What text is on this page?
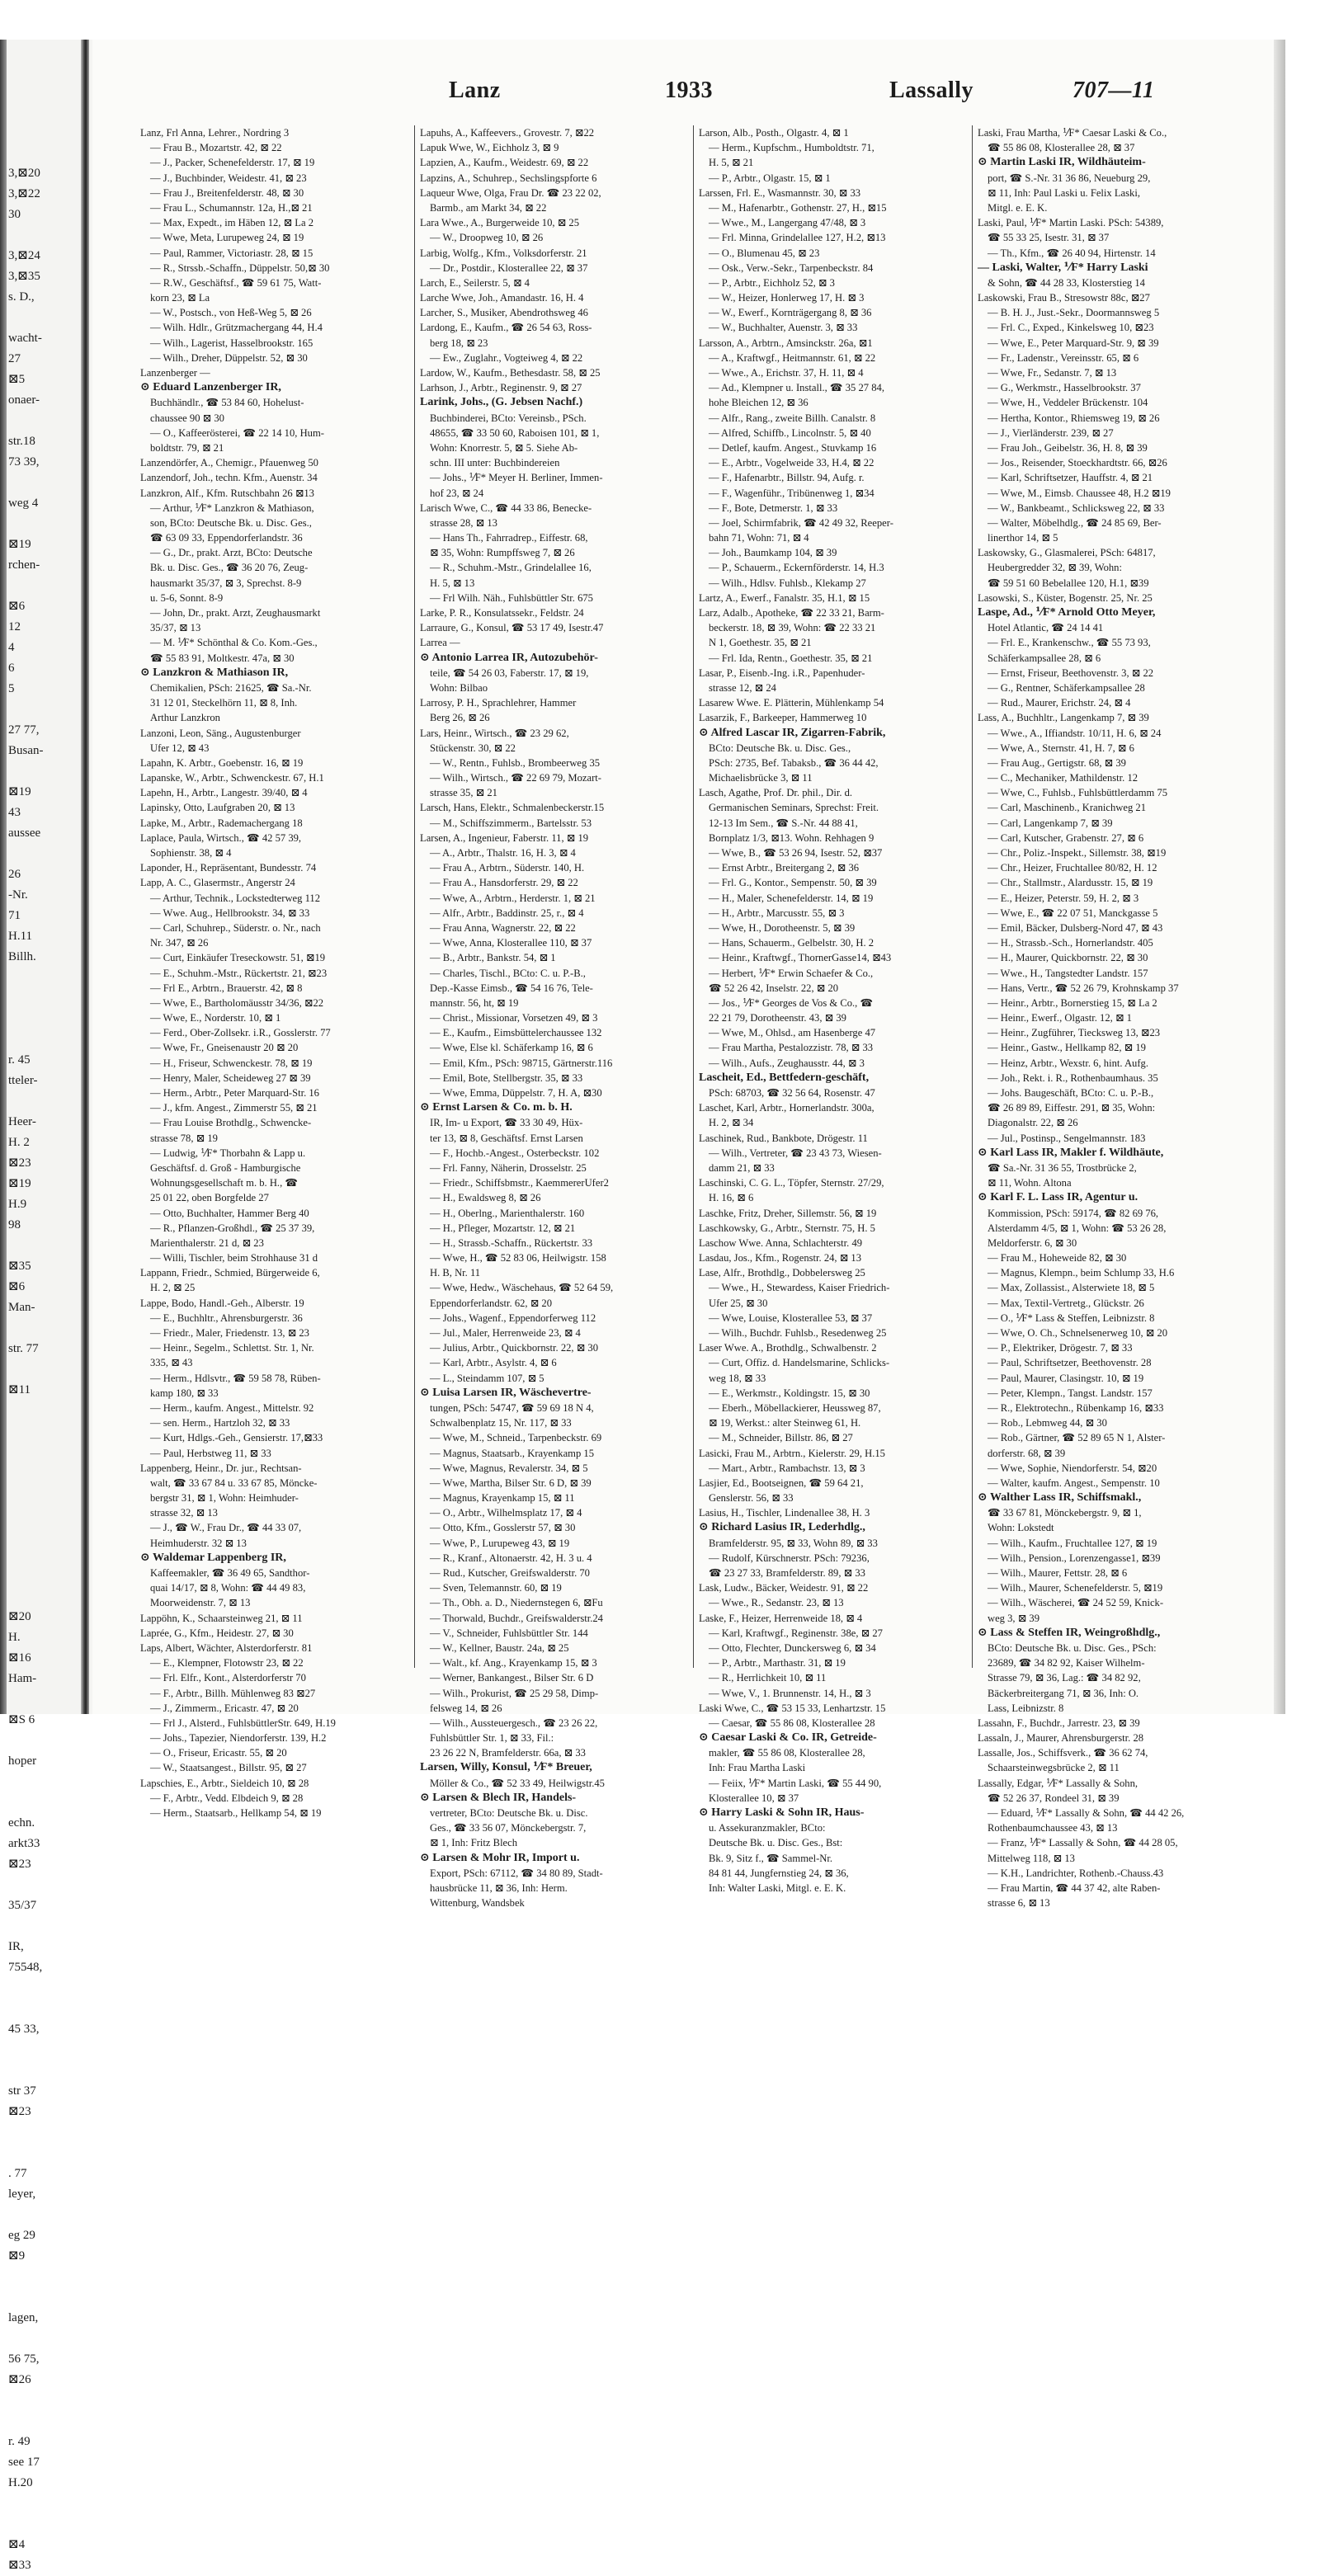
3,⊠20
3,⊠22
30
3,⊠24
3,⊠35
s. D.,
wacht-
27
⊠5
onaer-
str.18
73 39,
weg 4
⊠19
rchen-
⊠6
12
4
6
5
27 77,
Busan-
⊠19
43
aussee
26
-Nr.
71
H.11
Billh.
r. 45
tteler-
Heer-
H. 2
⊠23
⊠19
H.9
98
⊠35
⊠6
Man-
str. 77
⊠11
⊠20
H.
⊠16
Ham-
⊠S 6
hoper
echn.
arkt33
⊠23
35/37
IR,
75548,
45 33,
str 37
⊠23
. 77
leyer,
eg 29
⊠9
lagen,
56 75,
⊠26
r. 49
see 17
H.20
⊠4
⊠33
Lanz	1933	Lassally	707—11
Lanz, Frl Anna, Lehrer., Nordring 3
— Frau B., Mozartstr. 42, ⊠ 22
— J., Packer, Schenefelderstr. 17, ⊠ 19
— J., Buchbinder, Weidestr. 41, ⊠ 23
— Frau J., Breitenfelderstr. 48, ⊠ 30
— Frau L., Schumannstr. 12a, H.,⊠ 21
— Max, Expedt., im Häben 12, ⊠ La 2
— Wwe, Meta, Lurupeweg 24, ⊠ 19
— Paul, Rammer, Victoriastr. 28, ⊠ 15
— R., Strssb.-Schaffn., Düppelstr. 50,⊠ 30
— R.W., Geschäftsf., ☎ 59 61 75, Watt-
korn 23, ⊠ La
— W., Postsch., von Heß-Weg 5, ⊠ 26
— Wilh. Hdlr., Grützmachergang 44, H.4
— Wilh., Lagerist, Hasselbrookstr. 165
— Wilh., Dreher, Düppelstr. 52, ⊠ 30
Lanzenberger —
⊙ Eduard Lanzenberger IR,
Buchhändlr., ☎ 53 84 60, Hohelust-
chaussee 90 ⊠ 30
— O., Kaffeerösterei, ☎ 22 14 10, Hum-
boldtstr. 79, ⊠ 21
Lanzendörfer, A., Chemigr., Pfauenweg 50
Lanzendorf, Joh., techn. Kfm., Auenstr. 34
Lanzkron, Alf., Kfm. Rutschbahn 26 ⊠13
— Arthur, ⅟F* Lanzkron & Mathiason,
son, BCto: Deutsche Bk. u. Disc. Ges.,
☎ 63 09 33, Eppendorferlandstr. 36
— G., Dr., prakt. Arzt, BCto: Deutsche
Bk. u. Disc. Ges., ☎ 36 20 76, Zeug-
hausmarkt 35/37, ⊠ 3, Sprechst. 8-9
u. 5-6, Sonnt. 8-9
— John, Dr., prakt. Arzt, Zeughausmarkt
35/37, ⊠ 13
— M. ⅟F* Schönthal & Co. Kom.-Ges.,
☎ 55 83 91, Moltkestr. 47a, ⊠ 30
⊙ Lanzkron & Mathiason IR,
Chemikalien, PSch: 21625, ☎ Sa.-Nr.
31 12 01, Steckelhörn 11, ⊠ 8, Inh.
Arthur Lanzkron
Lanzoni, Leon, Säng., Augustenburger
Ufer 12, ⊠ 43
Lapahn, K. Arbtr., Goebenstr. 16, ⊠ 19
Lapanske, W., Arbtr., Schwenckestr. 67, H.1
Lapehn, H., Arbtr., Langestr. 39/40, ⊠ 4
Lapinsky, Otto, Laufgraben 20, ⊠ 13
Lapke, M., Arbtr., Rademachergang 18
Laplace, Paula, Wirtsch., ☎ 42 57 39,
Sophienstr. 38, ⊠ 4
Laponder, H., Repräsentant, Bundesstr. 74
Lapp, A. C., Glasermstr., Angerstr 24
— Arthur, Technik., Lockstedterweg 112
— Wwe. Aug., Hellbrookstr. 34, ⊠ 33
— Carl, Schuhrep., Süderstr. o. Nr., nach
Nr. 347, ⊠ 26
— Curt, Einkäufer Treseckowstr. 51, ⊠19
— E., Schuhm.-Mstr., Rückertstr. 21, ⊠23
— Frl E., Arbtrn., Brauerstr. 42, ⊠ 8
— Wwe, E., Bartholomäusstr 34/36, ⊠22
— Wwe, E., Norderstr. 10, ⊠ 1
— Ferd., Ober-Zollsekr. i.R., Gosslerstr. 77
— Wwe, Fr., Gneisenaustr 20 ⊠ 20
— H., Friseur, Schwenckestr. 78, ⊠ 19
— Henry, Maler, Scheideweg 27 ⊠ 39
— Herm., Arbtr., Peter Marquard-Str. 16
— J., kfm. Angest., Zimmerstr 55, ⊠ 21
— Frau Louise Brothdlg., Schwencke-
strasse 78, ⊠ 19
— Ludwig, ⅟F* Thorbahn & Lapp u.
Geschäftsf. d. Groß - Hamburgische
Wohnungsgesellschaft m. b. H., ☎
25 01 22, oben Borgfelde 27
— Otto, Buchhalter, Hammer Berg 40
— R., Pflanzen-Großhdl., ☎ 25 37 39,
Marienthalerstr. 21 d, ⊠ 23
— Willi, Tischler, beim Strohhause 31 d
Lappann, Friedr., Schmied, Bürgerweide 6,
H. 2, ⊠ 25
Lappe, Bodo, Handl.-Geh., Alberstr. 19
— E., Buchhltr., Ahrensburgerstr. 36
— Friedr., Maler, Friedenstr. 13, ⊠ 23
— Heinr., Segelm., Schlettst. Str. 1, Nr.
335, ⊠ 43
— Herm., Hdlsvtr., ☎ 59 58 78, Rüben-
kamp 180, ⊠ 33
— Herm., kaufm. Angest., Mittelstr. 92
— sen. Herm., Hartzloh 32, ⊠ 33
— Kurt, Hdlgs.-Geh., Gensierstr. 17,⊠33
— Paul, Herbstweg 11, ⊠ 33
Lappenberg, Heinr., Dr. jur., Rechtsan-
walt, ☎ 33 67 84 u. 33 67 85, Möncke-
bergstr 31, ⊠ 1, Wohn: Heimhuder-
strasse 32, ⊠ 13
— J., ☎ W., Frau Dr., ☎ 44 33 07,
Heimhuderstr. 32 ⊠ 13
⊙ Waldemar Lappenberg IR,
Kaffeemakler, ☎ 36 49 65, Sandthor-
quai 14/17, ⊠ 8, Wohn: ☎ 44 49 83,
Moorweidenstr. 7, ⊠ 13
Lappöhn, K., Schaarsteinweg 21, ⊠ 11
Laprée, G., Kfm., Heidestr. 27, ⊠ 30
Laps, Albert, Wächter, Alsterdorferstr. 81
— E., Klempner, Flotowstr 23, ⊠ 22
— Frl. Elfr., Kont., Alsterdorferstr 70
— F., Arbtr., Billh. Mühlenweg 83 ⊠27
— J., Zimmerm., Ericastr. 47, ⊠ 20
— Frl J., Alsterd., FuhlsbüttlerStr. 649, H.19
— Johs., Tapezier, Niendorferstr. 139, H.2
— O., Friseur, Ericastr. 55, ⊠ 20
— W., Staatsangest., Billstr. 95, ⊠ 27
Lapschies, E., Arbtr., Sieldeich 10, ⊠ 28
— F., Arbtr., Vedd. Elbdeich 9, ⊠ 28
— Herm., Staatsarb., Hellkamp 54, ⊠ 19
Lapuhs, A., Kaffeevers., Grovestr. 7, ⊠22
Lapuk Wwe, W., Eichholz 3, ⊠ 9
Lapzien, A., Kaufm., Weidestr. 69, ⊠ 22
Lapzins, A., Schuhrep., Sechslingspforte 6
Laqueur Wwe, Olga, Frau Dr. ☎ 23 22 02,
Barmb., am Markt 34, ⊠ 22
Lara Wwe., A., Burgerweide 10, ⊠ 25
— W., Droopweg 10, ⊠ 26
Larbig, Wolfg., Kfm., Volksdorferstr. 21
— Dr., Postdir., Klosterallee 22, ⊠ 37
Larch, E., Seilerstr. 5, ⊠ 4
Larche Wwe, Joh., Amandastr. 16, H. 4
Larcher, S., Musiker, Abendrothsweg 46
Lardong, E., Kaufm., ☎ 26 54 63, Ross-
berg 18, ⊠ 23
— Ew., Zuglahr., Vogteiweg 4, ⊠ 22
Lardow, W., Kaufm., Bethesdastr. 58, ⊠ 25
Larhson, J., Arbtr., Reginenstr. 9, ⊠ 27
Larink, Johs., (G. Jebsen Nachf.)
Buchbinderei, BCto: Vereinsb., PSch.
48655, ☎ 33 50 60, Raboisen 101, ⊠ 1,
Wohn: Knorrestr. 5, ⊠ 5. Siehe Ab-
schn. III unter: Buchbindereien
— Johs., ⅟F* Meyer H. Berliner, Immen-
hof 23, ⊠ 24
Larisch Wwe, C., ☎ 44 33 86, Benecke-
strasse 28, ⊠ 13
— Hans Th., Fahrradrep., Eiffestr. 68,
⊠ 35, Wohn: Rumpffsweg 7, ⊠ 26
— R., Schuhm.-Mstr., Grindelallee 16,
H. 5, ⊠ 13
— Frl Wilh. Näh., Fuhlsbüttler Str. 675
Larke, P. R., Konsulatssekr., Feldstr. 24
Larraure, G., Konsul, ☎ 53 17 49, Isestr.47
Larrea —
⊙ Antonio Larrea IR, Autozubehör-
teile, ☎ 54 26 03, Faberstr. 17, ⊠ 19,
Wohn: Bilbao
Larrosy, P. H., Sprachlehrer, Hammer
Berg 26, ⊠ 26
Lars, Heinr., Wirtsch., ☎ 23 29 62,
Stückenstr. 30, ⊠ 22
— W., Rentn., Fuhlsb., Brombeerweg 35
— Wilh., Wirtsch., ☎ 22 69 79, Mozart-
strasse 35, ⊠ 21
Larsch, Hans, Elektr., Schmalenbeckerstr.15
— M., Schiffszimmerm., Bartelsstr. 53
Larsen, A., Ingenieur, Faberstr. 11, ⊠ 19
— A., Arbtr., Thalstr. 16, H. 3, ⊠ 4
— Frau A., Arbtrn., Süderstr. 140, H.
— Frau A., Hansdorferstr. 29, ⊠ 22
— Wwe, A., Arbtrn., Herderstr. 1, ⊠ 21
— Alfr., Arbtr., Baddinstr. 25, r., ⊠ 4
— Frau Anna, Wagnerstr. 22, ⊠ 22
— Wwe, Anna, Klosterallee 110, ⊠ 37
— B., Arbtr., Bankstr. 54, ⊠ 1
— Charles, Tischl., BCto: C. u. P.-B.,
Dep.-Kasse Eimsb., ☎ 54 16 76, Tele-
mannstr. 56, ht, ⊠ 19
— Christ., Missionar, Vorsetzen 49, ⊠ 3
— E., Kaufm., Eimsbüttelerchaussee 132
— Wwe, Else kl. Schäferkamp 16, ⊠ 6
— Emil, Kfm., PSch: 98715, Gärtnerstr.116
— Emil, Bote, Stellbergstr. 35, ⊠ 33
— Wwe, Emma, Düppelstr. 7, H. A, ⊠30
⊙ Ernst Larsen & Co. m. b. H.
IR, Im- u Export, ☎ 33 30 49, Hüx-
ter 13, ⊠ 8, Geschäftsf. Ernst Larsen
— F., Hochb.-Angest., Osterbeckstr. 102
— Frl. Fanny, Näherin, Drosselstr. 25
— Friedr., Schiffsbmstr., KaemmererUfer2
— H., Ewaldsweg 8, ⊠ 26
— H., Oberlng., Marienthalerstr. 160
— H., Pfleger, Mozartstr. 12, ⊠ 21
— H., Strassb.-Schaffn., Rückertstr. 33
— Wwe, H., ☎ 52 83 06, Heilwigstr. 158
H. B, Nr. 11
— Wwe, Hedw., Wäschehaus, ☎ 52 64 59,
Eppendorferlandstr. 62, ⊠ 20
— Johs., Wagenf., Eppendorferweg 112
— Jul., Maler, Herrenweide 23, ⊠ 4
— Julius, Arbtr., Quickbornstr. 22, ⊠ 30
— Karl, Arbtr., Asylstr. 4, ⊠ 6
— L., Steindamm 107, ⊠ 5
⊙ Luisa Larsen IR, Wäschevertre-
tungen, PSch: 54747, ☎ 59 69 18 N 4,
Schwalbenplatz 15, Nr. 117, ⊠ 33
— Wwe, M., Schneid., Tarpenbeckstr. 69
— Magnus, Staatsarb., Krayenkamp 15
— Wwe, Magnus, Revalerstr. 34, ⊠ 5
— Wwe, Martha, Bilser Str. 6 D, ⊠ 39
— Magnus, Krayenkamp 15, ⊠ 11
— O., Arbtr., Wilhelmsplatz 17, ⊠ 4
— Otto, Kfm., Gosslerstr 57, ⊠ 30
— Wwe, P., Lurupeweg 43, ⊠ 19
— R., Kranf., Altonaerstr. 42, H. 3 u. 4
— Rud., Kutscher, Greifswalderstr. 70
— Sven, Telemannstr. 60, ⊠ 19
— Th., Obh. a. D., Niedernstegen 6, ⊠Fu
— Thorwald, Buchdr., Greifswalderstr.24
— V., Schneider, Fuhlsbüttler Str. 144
— W., Kellner, Baustr. 24a, ⊠ 25
— Walt., kf. Ang., Krayenkamp 15, ⊠ 3
— Werner, Bankangest., Bilser Str. 6 D
— Wilh., Prokurist, ☎ 25 29 58, Dimp-
felsweg 14, ⊠ 26
— Wilh., Aussteuergesch., ☎ 23 26 22,
Fuhlsbüttler Str. 1, ⊠ 33, Fil.:
23 26 22 N, Bramfelderstr. 66a, ⊠ 33
Larsen, Willy, Konsul, ⅟F* Breuer,
Möller & Co., ☎ 52 33 49, Heilwigstr.45
⊙ Larsen & Blech IR, Handels-
vertreter, BCto: Deutsche Bk. u. Disc.
Ges., ☎ 33 56 07, Mönckebergstr. 7,
⊠ 1, Inh: Fritz Blech
⊙ Larsen & Mohr IR, Import u.
Export, PSch: 67112, ☎ 34 80 89, Stadt-
hausbrücke 11, ⊠ 36, Inh: Herm.
Wittenburg, Wandsbek
Larson, Alb., Posth., Olgastr. 4, ⊠ 1
— Herm., Kupfschm., Humboldtstr. 71,
H. 5, ⊠ 21
— P., Arbtr., Olgastr. 15, ⊠ 1
Larssen, Frl. E., Wasmannstr. 30, ⊠ 33
— M., Hafenarbtr., Gothenstr. 27, H., ⊠15
— Wwe., M., Langergang 47/48, ⊠ 3
— Frl. Minna, Grindelallee 127, H.2, ⊠13
— O., Blumenau 45, ⊠ 23
— Osk., Verw.-Sekr., Tarpenbeckstr. 84
— P., Arbtr., Eichholz 52, ⊠ 3
— W., Heizer, Honlerweg 17, H. ⊠ 3
— W., Ewerf., Kornträgergang 8, ⊠ 36
— W., Buchhalter, Auenstr. 3, ⊠ 33
Larsson, A., Arbtrn., Amsinckstr. 26a, ⊠1
— A., Kraftwgf., Heitmannstr. 61, ⊠ 22
— Wwe., A., Erichstr. 37, H. 11, ⊠ 4
— Ad., Klempner u. Install., ☎ 35 27 84,
hohe Bleichen 12, ⊠ 36
— Alfr., Rang., zweite Billh. Canalstr. 8
— Alfred, Schiffb., Lincolnstr. 5, ⊠ 40
— Detlef, kaufm. Angest., Stuvkamp 16
— E., Arbtr., Vogelweide 33, H.4, ⊠ 22
— F., Hafenarbtr., Billstr. 94, Aufg. r.
— F., Wagenführ., Tribünenweg 1, ⊠34
— F., Bote, Detmerstr. 1, ⊠ 33
— Joel, Schirmfabrik, ☎ 42 49 32, Reeper-
bahn 71, Wohn: 71, ⊠ 4
— Joh., Baumkamp 104, ⊠ 39
— P., Schauerm., Eckernförderstr. 14, H.3
— Wilh., Hdlsv. Fuhlsb., Klekamp 27
Lartz, A., Ewerf., Fanalstr. 35, H.1, ⊠ 15
Larz, Adalb., Apotheke, ☎ 22 33 21, Barm-
beckerstr. 18, ⊠ 39, Wohn: ☎ 22 33 21
N 1, Goethestr. 35, ⊠ 21
— Frl. Ida, Rentn., Goethestr. 35, ⊠ 21
Lasar, P., Eisenb.-Ing. i.R., Papenhuder-
strasse 12, ⊠ 24
Lasarew Wwe. E. Plätterin, Mühlenkamp 54
Lasarzik, F., Barkeeper, Hammerweg 10
⊙ Alfred Lascar IR, Zigarren-Fabrik,
BCto: Deutsche Bk. u. Disc. Ges.,
PSch: 2735, Bef. Tabaksb., ☎ 36 44 42,
Michaelisbrücke 3, ⊠ 11
Lasch, Agathe, Prof. Dr. phil., Dir. d.
Germanischen Seminars, Sprechst: Freit.
12-13 Im Sem., ☎ S.-Nr. 44 88 41,
Bornplatz 1/3, ⊠13. Wohn. Rehhagen 9
— Wwe, B., ☎ 53 26 94, Isestr. 52, ⊠37
— Ernst Arbtr., Breitergang 2, ⊠ 36
— Frl. G., Kontor., Sempenstr. 50, ⊠ 39
— H., Maler, Schenefelderstr. 14, ⊠ 19
— H., Arbtr., Marcusstr. 55, ⊠ 3
— Wwe, H., Dorotheenstr. 5, ⊠ 39
— Hans, Schauerm., Gelbelstr. 30, H. 2
— Heinr., Kraftwgf., ThornerGasse14, ⊠43
— Herbert, ⅟F* Erwin Schaefer & Co.,
☎ 52 26 42, Inselstr. 22, ⊠ 20
— Jos., ⅟F* Georges de Vos & Co., ☎
22 21 79, Dorotheenstr. 43, ⊠ 39
— Wwe, M., Ohlsd., am Hasenberge 47
— Frau Martha, Pestalozzistr. 78, ⊠ 33
— Wilh., Aufs., Zeughausstr. 44, ⊠ 3
Lascheit, Ed., Bettfedern-geschäft,
PSch: 68703, ☎ 32 56 64, Rosenstr. 47
Laschet, Karl, Arbtr., Hornerlandstr. 300a,
H. 2, ⊠ 34
Laschinek, Rud., Bankbote, Drögestr. 11
— Wilh., Vertreter, ☎ 23 43 73, Wiesen-
damm 21, ⊠ 33
Laschinski, C. G. L., Töpfer, Sternstr. 27/29,
H. 16, ⊠ 6
Laschke, Fritz, Dreher, Sillemstr. 56, ⊠ 19
Laschkowsky, G., Arbtr., Sternstr. 75, H. 5
Laschow Wwe. Anna, Schlachterstr. 49
Lasdau, Jos., Kfm., Rogenstr. 24, ⊠ 13
Lase, Alfr., Brothdlg., Dobbelersweg 25
— Wwe., H., Stewardess, Kaiser Friedrich-
Ufer 25, ⊠ 30
— Wwe, Louise, Klosterallee 53, ⊠ 37
— Wilh., Buchdr. Fuhlsb., Resedenweg 25
Laser Wwe. A., Brothdlg., Schwalbenstr. 2
— Curt, Offiz. d. Handelsmarine, Schlicks-
weg 18, ⊠ 33
— E., Werkmstr., Koldingstr. 15, ⊠ 30
— Eberh., Möbellackierer, Heussweg 87,
⊠ 19, Werkst.: alter Steinweg 61, H.
— M., Schneider, Billstr. 86, ⊠ 27
Lasicki, Frau M., Arbtrn., Kielerstr. 29, H.15
— Mart., Arbtr., Rambachstr. 13, ⊠ 3
Lasjier, Ed., Bootseignen, ☎ 59 64 21,
Genslerstr. 56, ⊠ 33
Lasius, H., Tischler, Lindenallee 38, H. 3
⊙ Richard Lasius IR, Lederhdlg.,
Bramfelderstr. 95, ⊠ 33, Wohn 89, ⊠ 33
— Rudolf, Kürschnerstr. PSch: 79236,
☎ 23 27 33, Bramfelderstr. 89, ⊠ 33
Lask, Ludw., Bäcker, Weidestr. 91, ⊠ 22
— Wwe., R., Sedanstr. 23, ⊠ 13
Laske, F., Heizer, Herrenweide 18, ⊠ 4
— Karl, Kraftwgf., Reginenstr. 38e, ⊠ 27
— Otto, Flechter, Dunckersweg 6, ⊠ 34
— P., Arbtr., Marthastr. 31, ⊠ 19
— R., Herrlichkeit 10, ⊠ 11
— Wwe, V., 1. Brunnenstr. 14, H., ⊠ 3
Laski Wwe, C., ☎ 53 15 33, Lenhartzstr. 15
— Caesar, ☎ 55 86 08, Klosterallee 28
⊙ Caesar Laski & Co. IR, Getreide-
makler, ☎ 55 86 08, Klosterallee 28,
Inh: Frau Martha Laski
— Feiix, ⅟F* Martin Laski, ☎ 55 44 90,
Klosterallee 10, ⊠ 37
⊙ Harry Laski & Sohn IR, Haus-
u. Assekuranzmakler, BCto:
Deutsche Bk. u. Disc. Ges., Bst:
Bk. 9, Sitz f., ☎ Sammel-Nr.
84 81 44, Jungfernstieg 24, ⊠ 36,
Inh: Walter Laski, Mitgl. e. E. K.
Laski, Frau Martha, ⅟F* Caesar Laski & Co.,
☎ 55 86 08, Klosterallee 28, ⊠ 37
⊙ Martin Laski IR, Wildhäuteim-
port, ☎ S.-Nr. 31 36 86, Neueburg 29,
⊠ 11, Inh: Paul Laski u. Felix Laski,
Mitgl. e. E. K.
Laski, Paul, ⅟F* Martin Laski. PSch: 54389,
☎ 55 33 25, Isestr. 31, ⊠ 37
— Th., Kfm., ☎ 26 40 94, Hirtenstr. 14
— Laski, Walter, ⅟F* Harry Laski
& Sohn, ☎ 44 28 33, Klosterstieg 14
Laskowski, Frau B., Stresowstr 88c, ⊠27
— B. H. J., Just.-Sekr., Doormannsweg 5
— Frl. C., Exped., Kinkelsweg 10, ⊠23
— Wwe, E., Peter Marquard-Str. 9, ⊠ 39
— Fr., Ladenstr., Vereinsstr. 65, ⊠ 6
— Wwe, Fr., Sedanstr. 7, ⊠ 13
— G., Werkmstr., Hasselbrookstr. 37
— Wwe, H., Veddeler Brückenstr. 104
— Hertha, Kontor., Rhiemsweg 19, ⊠ 26
— J., Vierländerstr. 239, ⊠ 27
— Frau Joh., Geibelstr. 36, H. 8, ⊠ 39
— Jos., Reisender, Stoeckhardtstr. 66, ⊠26
— Karl, Schriftsetzer, Hauffstr. 4, ⊠ 21
— Wwe, M., Eimsb. Chaussee 48, H.2 ⊠19
— W., Bankbeamt., Schlicksweg 22, ⊠ 33
— Walter, Möbelhdlg., ☎ 24 85 69, Ber-
linerthor 14, ⊠ 5
Laskowsky, G., Glasmalerei, PSch: 64817,
Heubergredder 32, ⊠ 39, Wohn:
☎ 59 51 60 Bebelallee 120, H.1, ⊠39
Lasowski, S., Küster, Bogenstr. 25, Nr. 25
Laspe, Ad., ⅟F* Arnold Otto Meyer,
Hotel Atlantic, ☎ 24 14 41
— Frl. E., Krankenschw., ☎ 55 73 93,
Schäferkampsallee 28, ⊠ 6
— Ernst, Friseur, Beethovenstr. 3, ⊠ 22
— G., Rentner, Schäferkampsallee 28
— Rud., Maurer, Erichstr. 24, ⊠ 4
Lass, A., Buchhltr., Langenkamp 7, ⊠ 39
— Wwe., A., Iffiandstr. 10/11, H. 6, ⊠ 24
— Wwe, A., Sternstr. 41, H. 7, ⊠ 6
— Frau Aug., Gertigstr. 68, ⊠ 39
— C., Mechaniker, Mathildenstr. 12
— Wwe, C., Fuhlsb., Fuhlsbüttlerdamm 75
— Carl, Maschinenb., Kranichweg 21
— Carl, Langenkamp 7, ⊠ 39
— Carl, Kutscher, Grabenstr. 27, ⊠ 6
— Chr., Poliz.-Inspekt., Sillemstr. 38, ⊠19
— Chr., Heizer, Fruchtallee 80/82, H. 12
— Chr., Stallmstr., Alardusstr. 15, ⊠ 19
— E., Heizer, Peterstr. 59, H. 2, ⊠ 3
— Wwe, E., ☎ 22 07 51, Manckgasse 5
— Emil, Bäcker, Dulsberg-Nord 47, ⊠ 43
— H., Strassb.-Sch., Hornerlandstr. 405
— H., Maurer, Quickbornstr. 22, ⊠ 30
— Wwe., H., Tangstedter Landstr. 157
— Hans, Vertr., ☎ 52 26 79, Krohnskamp 37
— Heinr., Arbtr., Bornerstieg 15, ⊠ La 2
— Heinr., Ewerf., Olgastr. 12, ⊠ 1
— Heinr., Zugführer, Tiecksweg 13, ⊠23
— Heinr., Gastw., Hellkamp 82, ⊠ 19
— Heinz, Arbtr., Wexstr. 6, hint. Aufg.
— Joh., Rekt. i. R., Rothenbaumhaus. 35
— Johs. Baugeschäft, BCto: C. u. P.-B.,
☎ 26 89 89, Eiffestr. 291, ⊠ 35, Wohn:
Diagonalstr. 22, ⊠ 26
— Jul., Postinsp., Sengelmannstr. 183
⊙ Karl Lass IR, Makler f. Wildhäute,
☎ Sa.-Nr. 31 36 55, Trostbrücke 2,
⊠ 11, Wohn. Altona
⊙ Karl F. L. Lass IR, Agentur u.
Kommission, PSch: 59174, ☎ 82 69 76,
Alsterdamm 4/5, ⊠ 1, Wohn: ☎ 53 26 28,
Meldorferstr. 6, ⊠ 30
— Frau M., Hoheweide 82, ⊠ 30
— Magnus, Klempn., beim Schlump 33, H.6
— Max, Zollassist., Alsterwiete 18, ⊠ 5
— Max, Textil-Vertretg., Glückstr. 26
— O., ⅟F* Lass & Steffen, Leibnizstr. 8
— Wwe, O. Ch., Schnelsenerweg 10, ⊠ 20
— P., Elektriker, Drögestr. 7, ⊠ 33
— Paul, Schriftsetzer, Beethovenstr. 28
— Paul, Maurer, Clasingstr. 10, ⊠ 19
— Peter, Klempn., Tangst. Landstr. 157
— R., Elektrotechn., Rübenkamp 16, ⊠33
— Rob., Lebmweg 44, ⊠ 30
— Rob., Gärtner, ☎ 52 89 65 N 1, Alster-
dorferstr. 68, ⊠ 39
— Wwe, Sophie, Niendorferstr. 54, ⊠20
— Walter, kaufm. Angest., Sempenstr. 10
⊙ Walther Lass IR, Schiffsmakl.,
☎ 33 67 81, Mönckebergstr. 9, ⊠ 1,
Wohn: Lokstedt
— Wilh., Kaufm., Fruchtallee 127, ⊠ 19
— Wilh., Pension., Lorenzengasse1, ⊠39
— Wilh., Maurer, Fettstr. 28, ⊠ 6
— Wilh., Maurer, Schenefelderstr. 5, ⊠19
— Wilh., Wäscherei, ☎ 24 52 59, Knick-
weg 3, ⊠ 39
⊙ Lass & Steffen IR, Weingroßhdlg.,
BCto: Deutsche Bk. u. Disc. Ges., PSch:
23689, ☎ 34 82 92, Kaiser Wilhelm-
Strasse 79, ⊠ 36, Lag.: ☎ 34 82 92,
Bäckerbreitergang 71, ⊠ 36, Inh: O.
Lass, Leibnizstr. 8
Lassahn, F., Buchdr., Jarrestr. 23, ⊠ 39
Lassaln, J., Maurer, Ahrensburgerstr. 28
Lassalle, Jos., Schiffsverk., ☎ 36 62 74,
Schaarsteinwegsbrücke 2, ⊠ 11
Lassally, Edgar, ⅟F* Lassally & Sohn,
☎ 52 26 37, Rondeel 31, ⊠ 39
— Eduard, ⅟F* Lassally & Sohn, ☎ 44 42 26,
Rothenbaumchaussee 43, ⊠ 13
— Franz, ⅟F* Lassally & Sohn, ☎ 44 28 05,
Mittelweg 118, ⊠ 13
— K.H., Landrichter, Rothenb.-Chauss.43
— Frau Martin, ☎ 44 37 42, alte Raben-
strasse 6, ⊠ 13
